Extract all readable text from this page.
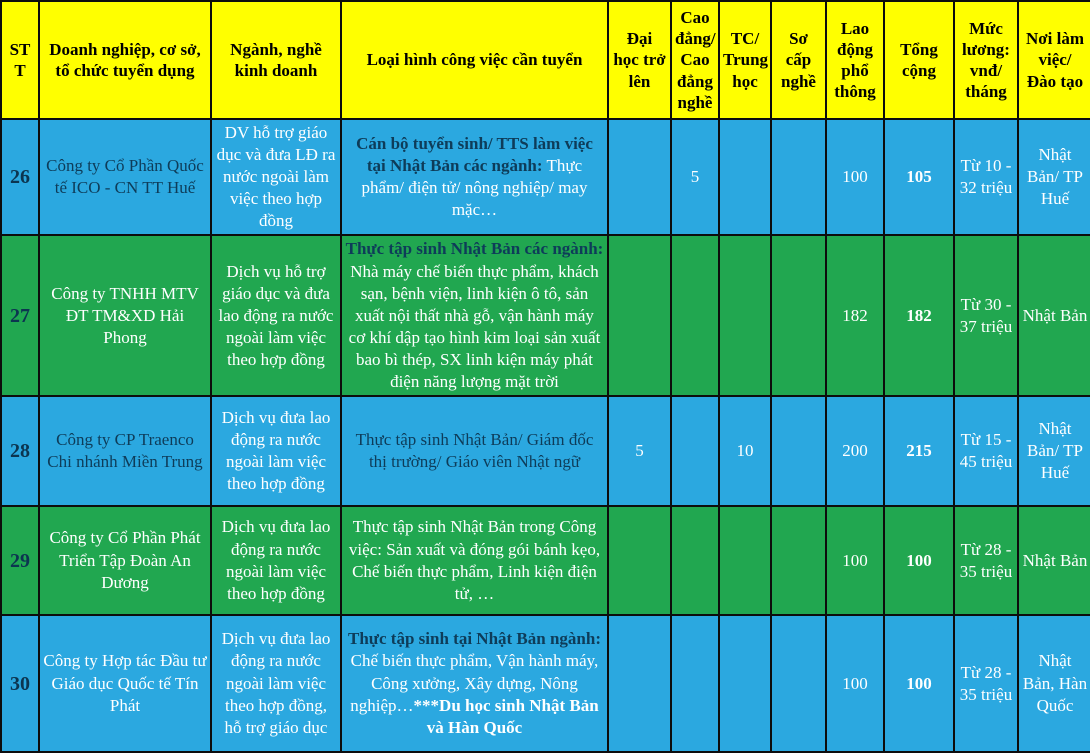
STT	Doanh nghiệp, cơ sở, tổ chức tuyển dụng	Ngành, nghề kinh doanh	Loại hình công việc cần tuyển	Đại học trở lên	Cao đẳng/ Cao đẳng nghề	TC/ Trung học	Sơ cấp nghề	Lao động phổ thông	Tổng cộng	Mức lương: vnđ/ tháng	Nơi làm việc/ Đào tạo
26	Công ty Cổ Phần Quốc tế ICO - CN TT Huế	DV hỗ trợ giáo dục và đưa LĐ ra nước ngoài làm việc theo hợp đồng	Cán bộ tuyển sinh/ TTS làm việc tại Nhật Bản các ngành: Thực phẩm/ điện tử/ nông nghiệp/ may mặc…		5			100	105	Từ 10 - 32 triệu	Nhật Bản/ TP Huế
27	Công ty TNHH MTV ĐT TM&XD Hải Phong	Dịch vụ hỗ trợ giáo dục và đưa lao động ra nước ngoài làm việc theo hợp đồng	Thực tập sinh Nhật Bản các ngành: Nhà máy chế biến thực phẩm, khách sạn, bệnh viện, linh kiện ô tô, sản xuất nội thất nhà gỗ, vận hành máy cơ khí dập tạo hình kim loại sản xuất bao bì thép, SX linh kiện máy phát điện năng lượng mặt trời					182	182	Từ 30 - 37 triệu	Nhật Bản
28	Công ty CP Traenco Chi nhánh Miền Trung	Dịch vụ đưa lao động ra nước ngoài làm việc theo hợp đồng	Thực tập sinh Nhật Bản/ Giám đốc thị trường/ Giáo viên Nhật ngữ	5		10		200	215	Từ 15 - 45 triệu	Nhật Bản/ TP Huế
29	Công ty Cổ Phần Phát Triển Tập Đoàn An Dương	Dịch vụ đưa lao động ra nước ngoài làm việc theo hợp đồng	Thực tập sinh Nhật Bản trong Công việc: Sản xuất và đóng gói bánh kẹo, Chế biến thực phẩm, Linh kiện điện tử, …					100	100	Từ 28 - 35 triệu	Nhật Bản
30	Công ty Hợp tác Đầu tư Giáo dục Quốc tế Tín Phát	Dịch vụ đưa lao động ra nước ngoài làm việc theo hợp đồng, hỗ trợ giáo dục	Thực tập sinh tại Nhật Bản ngành: Chế biến thực phẩm, Vận hành máy, Công xưởng, Xây dựng, Nông nghiệp…***Du học sinh Nhật Bản và Hàn Quốc					100	100	Từ 28 - 35 triệu	Nhật Bản, Hàn Quốc
